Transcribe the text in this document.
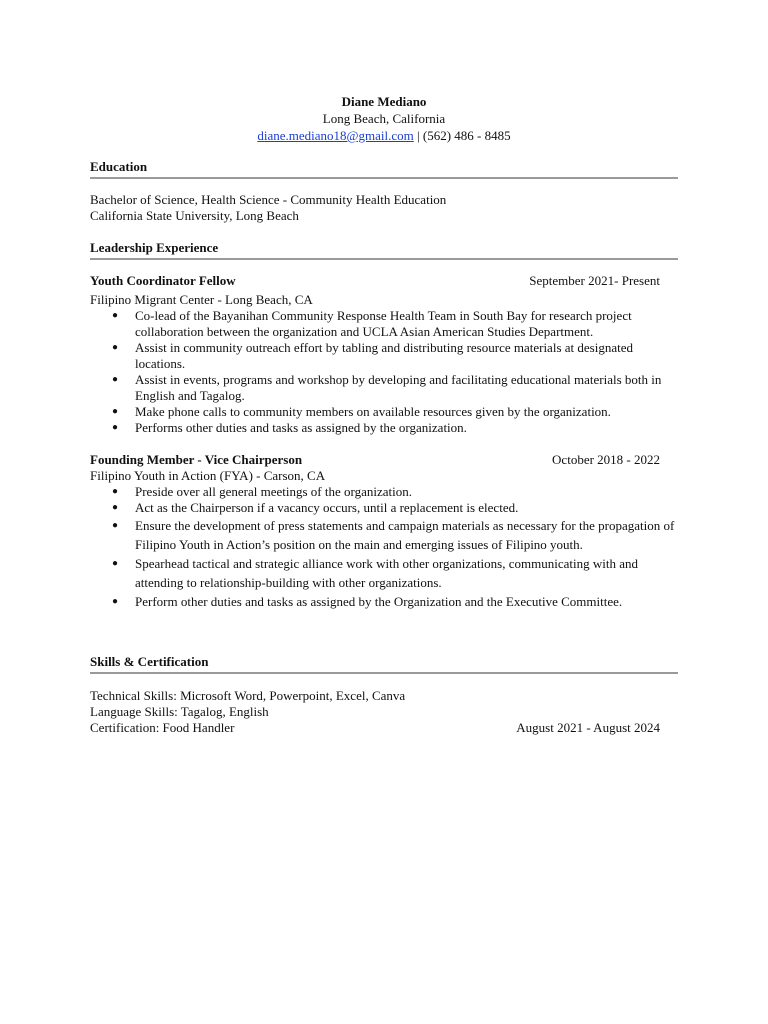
Diane Mediano
Long Beach, California
diane.mediano18@gmail.com | (562) 486 - 8485
Education
Bachelor of Science, Health Science - Community Health Education
California State University, Long Beach
Leadership Experience
Youth Coordinator Fellow	September 2021- Present
Filipino Migrant Center - Long Beach, CA
● Co-lead of the Bayanihan Community Response Health Team in South Bay for research project collaboration between the organization and UCLA Asian American Studies Department.
● Assist in community outreach effort by tabling and distributing resource materials at designated locations.
● Assist in events, programs and workshop by developing and facilitating educational materials both in English and Tagalog.
● Make phone calls to community members on available resources given by the organization.
● Performs other duties and tasks as assigned by the organization.
Founding Member - Vice Chairperson	October 2018 - 2022
Filipino Youth in Action (FYA) - Carson, CA
● Preside over all general meetings of the organization.
● Act as the Chairperson if a vacancy occurs, until a replacement is elected.
● Ensure the development of press statements and campaign materials as necessary for the propagation of Filipino Youth in Action’s position on the main and emerging issues of Filipino youth.
● Spearhead tactical and strategic alliance work with other organizations, communicating with and attending to relationship-building with other organizations.
● Perform other duties and tasks as assigned by the Organization and the Executive Committee.
Skills & Certification
Technical Skills: Microsoft Word, Powerpoint, Excel, Canva
Language Skills: Tagalog, English
Certification: Food Handler	August 2021 - August 2024
